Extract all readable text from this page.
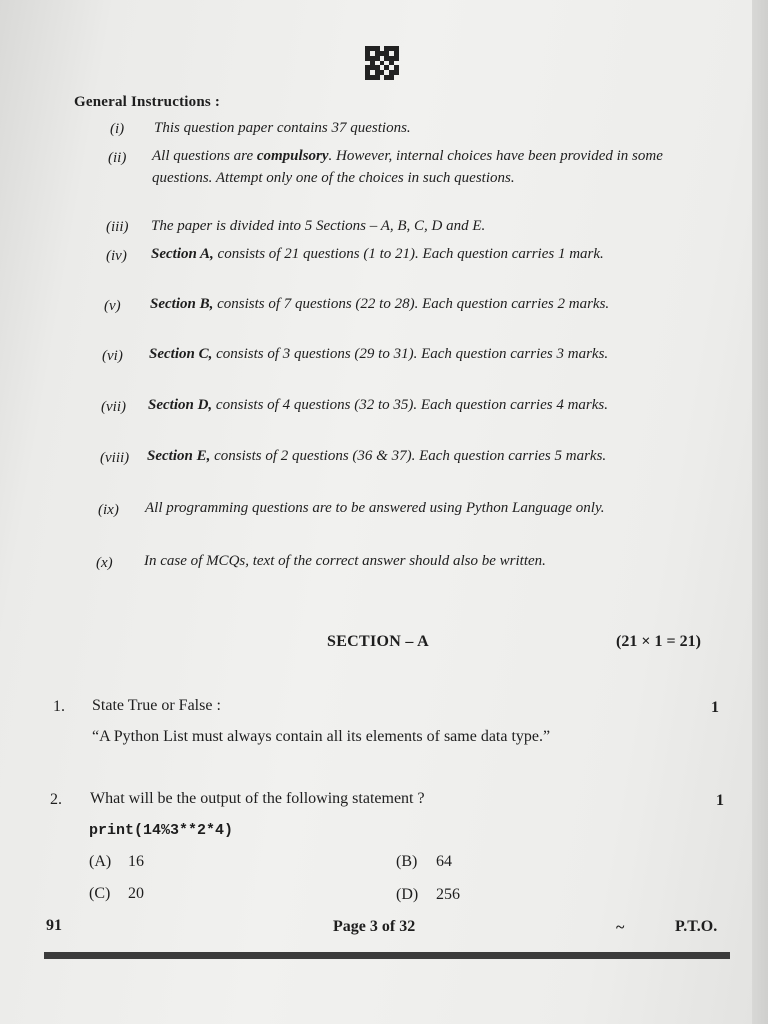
General Instructions :
(i) This question paper contains 37 questions.
(ii) All questions are compulsory. However, internal choices have been provided in some questions. Attempt only one of the choices in such questions.
(iii) The paper is divided into 5 Sections – A, B, C, D and E.
(iv) Section A, consists of 21 questions (1 to 21). Each question carries 1 mark.
(v) Section B, consists of 7 questions (22 to 28). Each question carries 2 marks.
(vi) Section C, consists of 3 questions (29 to 31). Each question carries 3 marks.
(vii) Section D, consists of 4 questions (32 to 35). Each question carries 4 marks.
(viii) Section E, consists of 2 questions (36 & 37). Each question carries 5 marks.
(ix) All programming questions are to be answered using Python Language only.
(x) In case of MCQs, text of the correct answer should also be written.
SECTION – A	(21 × 1 = 21)
1. State True or False :	1
“A Python List must always contain all its elements of same data type.”
2. What will be the output of the following statement ?	1
print(14%3**2*4)
(A) 16	(B) 64
(C) 20	(D) 256
91	Page 3 of 32	~	P.T.O.
